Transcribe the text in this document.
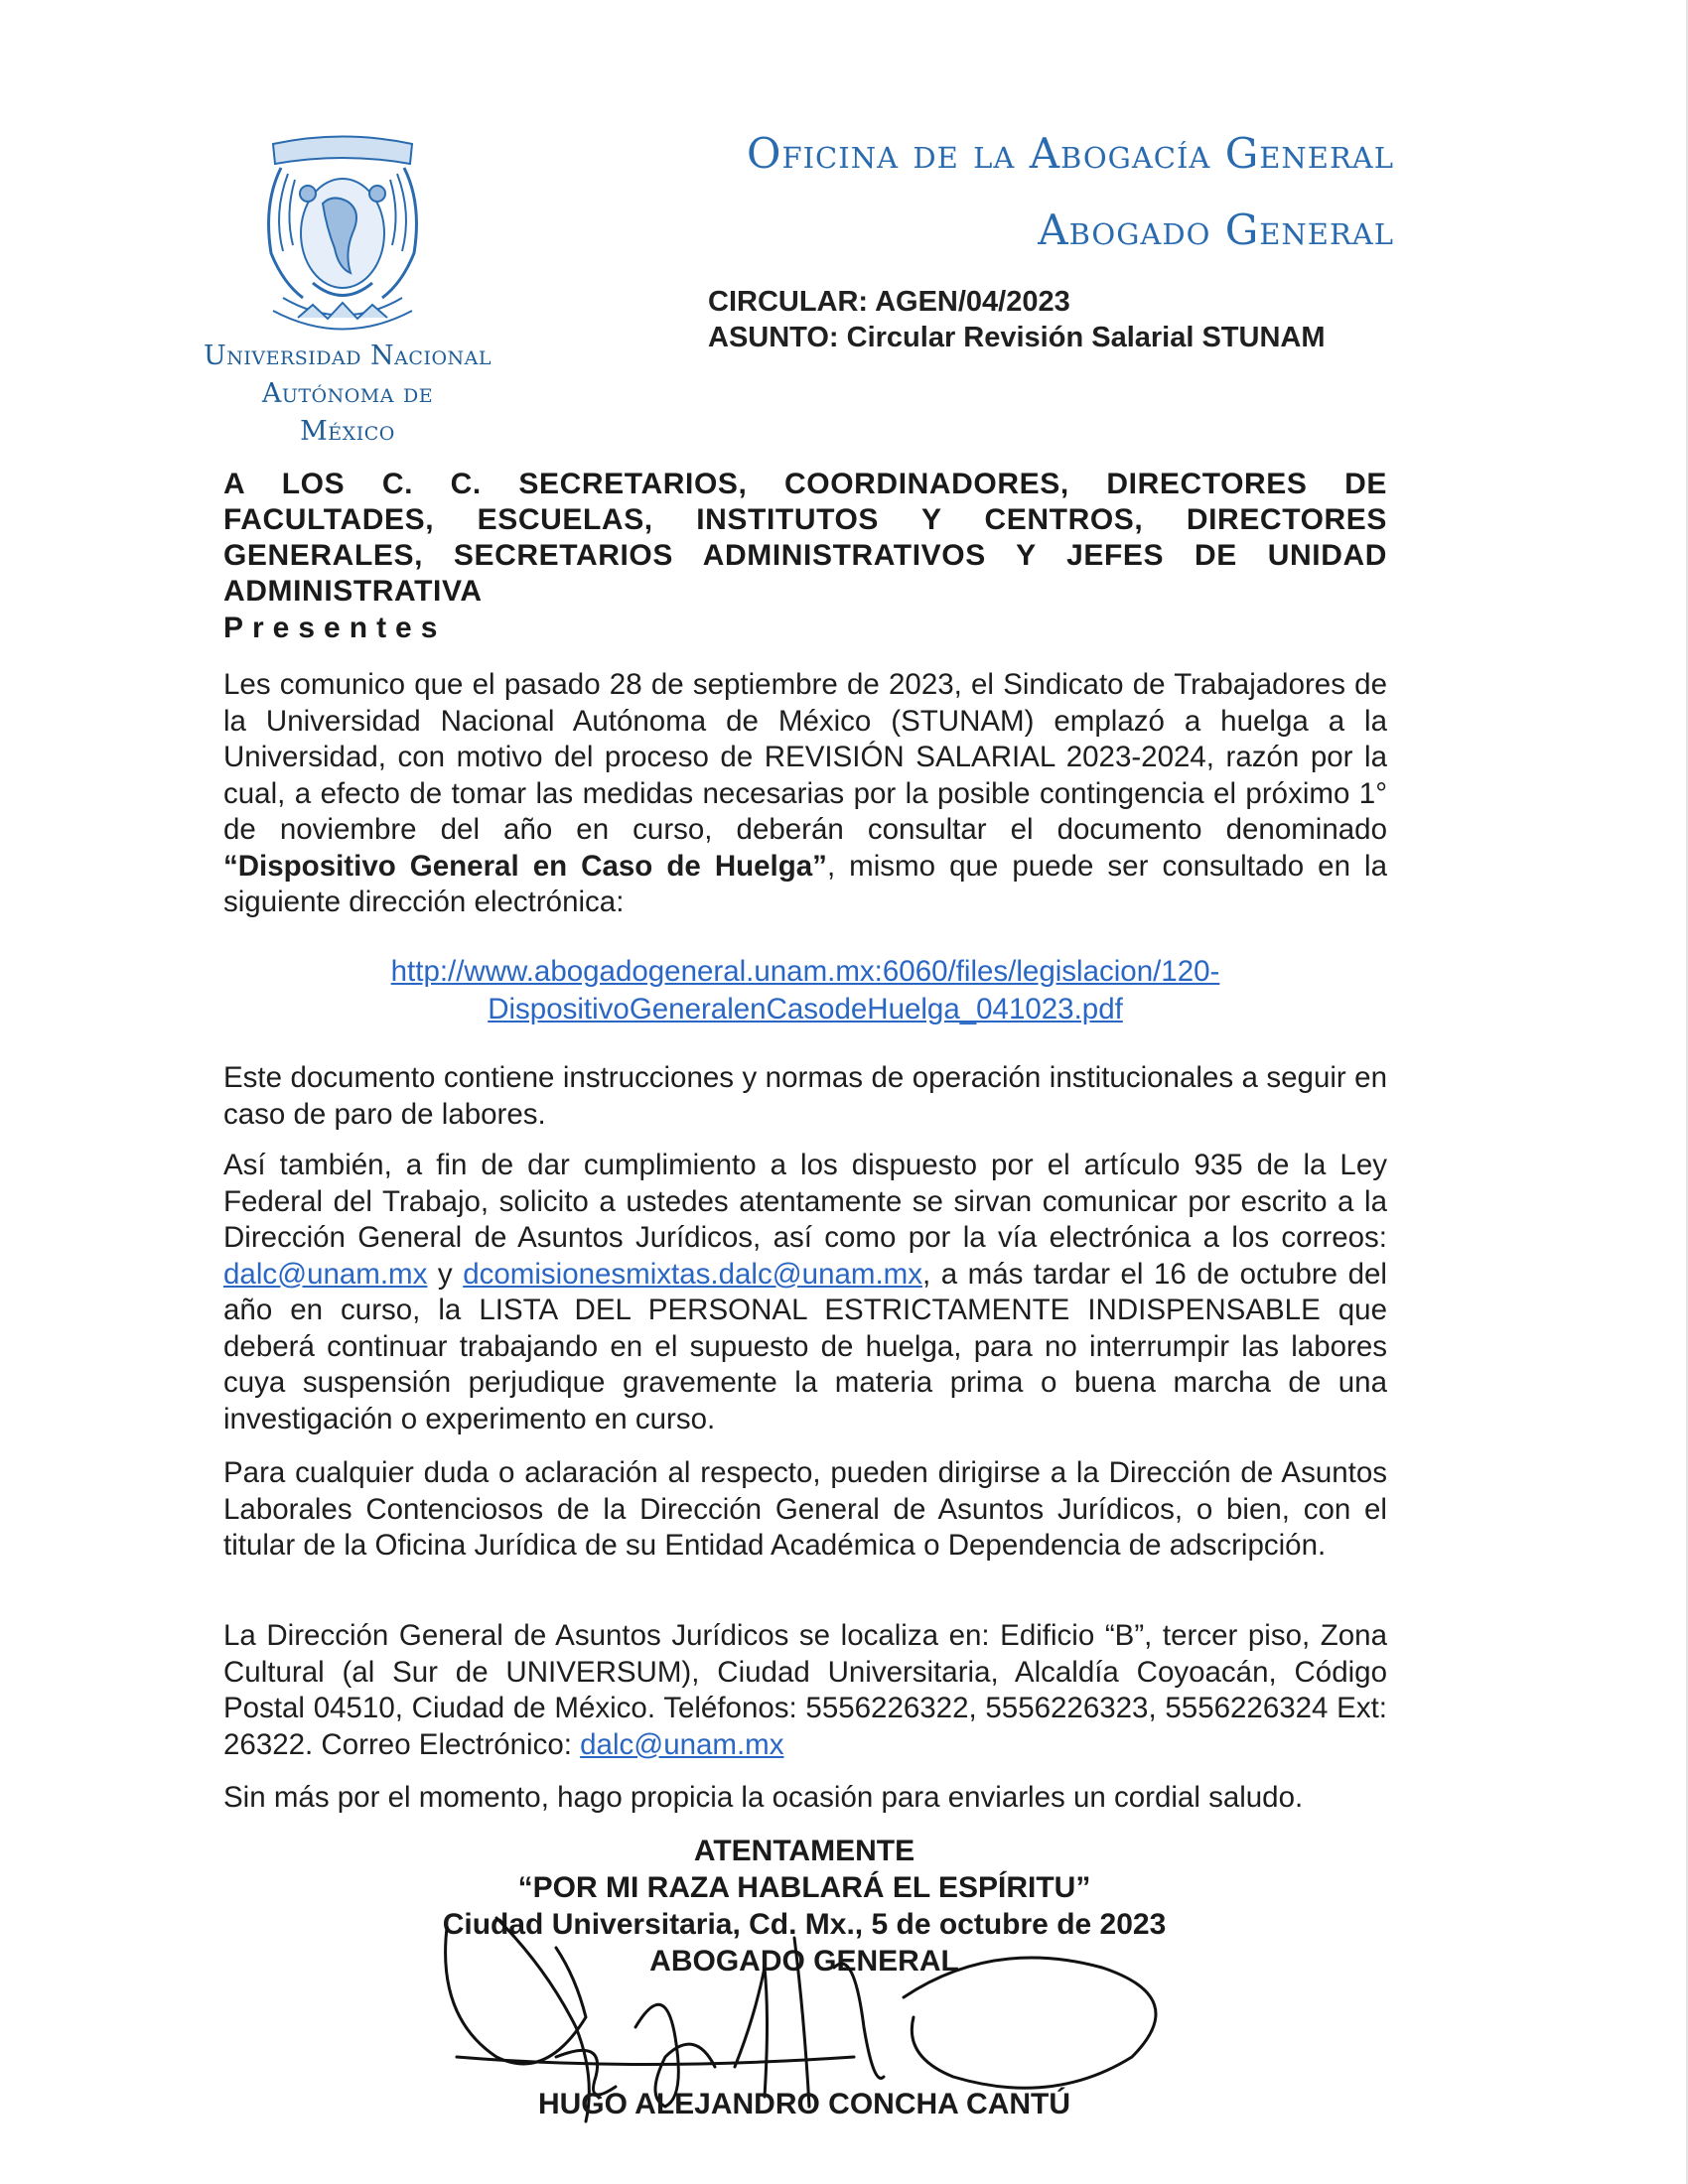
Universidad Nacional
Autónoma de
México
Oficina de la Abogacía General
Abogado General
CIRCULAR: AGEN/04/2023
ASUNTO: Circular Revisión Salarial STUNAM
A LOS C. C. SECRETARIOS, COORDINADORES, DIRECTORES DE FACULTADES, ESCUELAS, INSTITUTOS Y CENTROS, DIRECTORES GENERALES, SECRETARIOS ADMINISTRATIVOS Y JEFES DE UNIDAD ADMINISTRATIVA
Presentes
Les comunico que el pasado 28 de septiembre de 2023, el Sindicato de Trabajadores de la Universidad Nacional Autónoma de México (STUNAM) emplazó a huelga a la Universidad, con motivo del proceso de REVISIÓN SALARIAL 2023-2024, razón por la cual, a efecto de tomar las medidas necesarias por la posible contingencia el próximo 1° de noviembre del año en curso, deberán consultar el documento denominado “Dispositivo General en Caso de Huelga”, mismo que puede ser consultado en la siguiente dirección electrónica:
http://www.abogadogeneral.unam.mx:6060/files/legislacion/120-
DispositivoGeneralenCasodeHuelga_041023.pdf
Este documento contiene instrucciones y normas de operación institucionales a seguir en caso de paro de labores.
Así también, a fin de dar cumplimiento a los dispuesto por el artículo 935 de la Ley Federal del Trabajo, solicito a ustedes atentamente se sirvan comunicar por escrito a la Dirección General de Asuntos Jurídicos, así como por la vía electrónica a los correos: dalc@unam.mx y dcomisionesmixtas.dalc@unam.mx, a más tardar el 16 de octubre del año en curso, la LISTA DEL PERSONAL ESTRICTAMENTE INDISPENSABLE que deberá continuar trabajando en el supuesto de huelga, para no interrumpir las labores cuya suspensión perjudique gravemente la materia prima o buena marcha de una investigación o experimento en curso.
Para cualquier duda o aclaración al respecto, pueden dirigirse a la Dirección de Asuntos Laborales Contenciosos de la Dirección General de Asuntos Jurídicos, o bien, con el titular de la Oficina Jurídica de su Entidad Académica o Dependencia de adscripción.
La Dirección General de Asuntos Jurídicos se localiza en: Edificio “B”, tercer piso, Zona Cultural (al Sur de UNIVERSUM), Ciudad Universitaria, Alcaldía Coyoacán, Código Postal 04510, Ciudad de México. Teléfonos: 5556226322, 5556226323, 5556226324 Ext: 26322. Correo Electrónico: dalc@unam.mx
Sin más por el momento, hago propicia la ocasión para enviarles un cordial saludo.
ATENTAMENTE
“POR MI RAZA HABLARÁ EL ESPÍRITU”
Ciudad Universitaria, Cd. Mx., 5 de octubre de 2023
ABOGADO GENERAL
HUGO ALEJANDRO CONCHA CANTÚ
